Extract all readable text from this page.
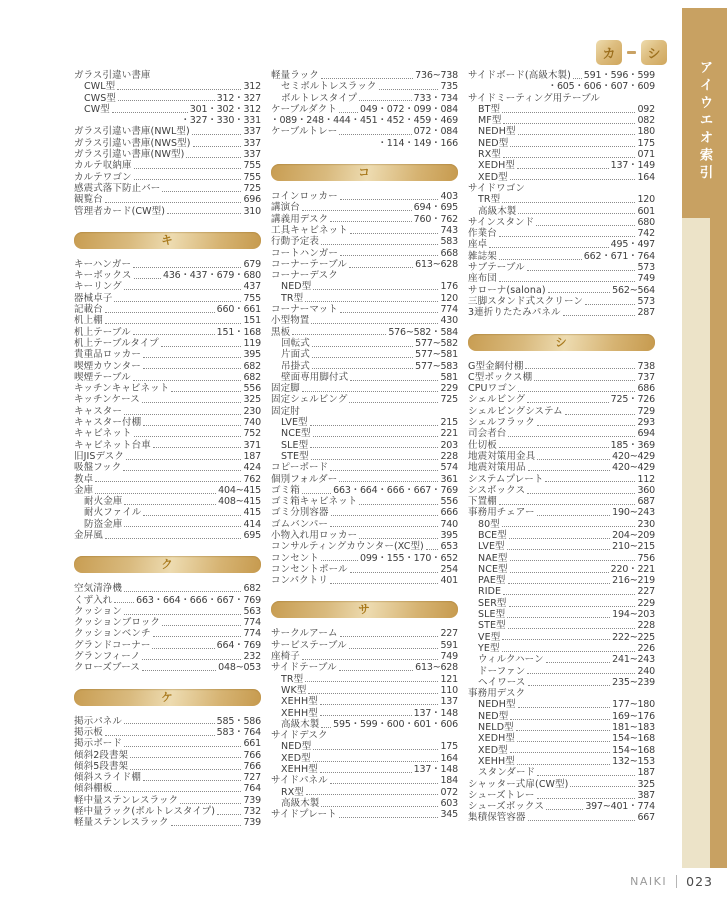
カ	シ
ガラス引違い書庫
CWL型	312
CWS型	312・327
CW型	301・302・312
・327・330・331
ガラス引違い書庫(NWL型)	337
ガラス引違い書庫(NWS型)	337
ガラス引違い書庫(NW型)	337
カルテ収納庫	755
カルテワゴン	755
感震式落下防止バー	725
観覧台	696
管理者カード(CW型)	310
キ
キーハンガー	679
キーボックス	436・437・679・680
キーリング	437
器械卓子	755
記載台	660・661
机上棚	151
机上テーブル	151・168
机上テーブルタイプ	119
貴重品ロッカー	395
喫煙カウンター	682
喫煙テーブル	682
キッチンキャビネット	556
キッチンケース	325
キャスター	230
キャスター付棚	740
キャビネット	752
キャビネット台車	371
旧JISデスク	187
吸盤フック	424
教卓	762
金庫	404~415
耐火金庫	408~415
耐火ファイル	415
防盗金庫	414
金屏風	695
ク
空気清浄機	682
くず入れ 663・664・666・667・769
クッション	563
クッションブロック	774
クッションベンチ	774
グランドコーナー	664・769
グランフィーノ	232
クローズブース	048~053
ケ
掲示パネル	585・586
掲示板	583・764
掲示ボード	661
傾斜2段書架	766
傾斜5段書架	766
傾斜スライド棚	727
傾斜棚板	764
軽中量ステンレスラック	739
軽中量ラック(ボルトレスタイプ)	732
軽量ステンレスラック	739
軽量ラック	736~738
セミボルトレスラック	735
ボルトレスタイプ	733・734
ケーブルダクト 049・072・099・084
・089・248・444・451・452・459・469
ケーブルトレー	072・084
・114・149・166
コ
コインロッカー	403
講演台	694・695
講義用デスク	760・762
工具キャビネット	743
行動予定表	583
コートハンガー	668
コーナーテーブル	613~628
コーナーデスク
NED型	176
TR型	120
コーナーマット	774
小型物置	430
黒板	576~582・584
回転式	577~582
片面式	577~581
吊掛式	577~583
壁面専用脚付式	581
固定脚	229
固定シェルビング	725
固定肘
LVE型	215
NCE型	221
SLE型	203
STE型	228
コピーボード	574
個別フォルダー	361
ゴミ箱	663・664・666・667・769
ゴミ箱キャビネット	556
ゴミ分別容器	666
ゴムバンパー	740
小物入れ用ロッカー	395
コンサルティングカウンター(XC型) 653
コンセント	099・155・170・652
コンセントポール	254
コンパクトリ	401
サ
サークルアーム	227
サービステーブル	591
座椅子	749
サイドテーブル	613~628
TR型	121
WK型	110
XEHH型	137
XEHH型	137・148
高級木製 595・599・600・601・606
サイドデスク
NED型	175
XED型	164
XEHH型	137・148
サイドパネル	184
RX型	072
高級木製	603
サイドプレート	345
サイドボード(高級木製) 591・596・599
・605・606・607・609
サイドミーティング用テーブル
BT型	092
MF型	082
NEDH型	180
NED型	175
RX型	071
XEDH型	137・149
XED型	164
サイドワゴン
TR型	120
高級木製	601
サインスタンド	680
作業台	742
座卓	495・497
雑誌架	662・671・764
サブテーブル	573
座布団	749
サローナ(salona)	562~564
三脚スタンド式スクリーン	573
3連折りたたみパネル	287
シ
G型金網付棚	738
C型ボックス棚	737
CPUワゴン	686
シェルビング	725・726
シェルビングシステム	729
シェルフラック	293
司会者台	694
仕切板	185・369
地震対策用金具	420~429
地震対策用品	420~429
システムプレート	112
シスボックス	360
下置棚	687
事務用チェアー	190~243
80型	230
BCE型	204~209
LVE型	210~215
NAE型	756
NCE型	220・221
PAE型	216~219
RIDE	227
SER型	229
SLE型	194~203
STE型	228
VE型	222~225
YE型	226
ウィルクハーン	241~243
ドーファン	240
ヘイワース	235~239
事務用デスク
NEDH型	177~180
NED型	169~176
NELD型	181~183
XEDH型	154~168
XED型	154~168
XEHH型	132~153
スタンダード	187
シャッター式扉(CW型)	325
シューズトレー	387
シューズボックス	397~401・774
集積保管容器	667
アイウエオ索引
NAIKI 023
